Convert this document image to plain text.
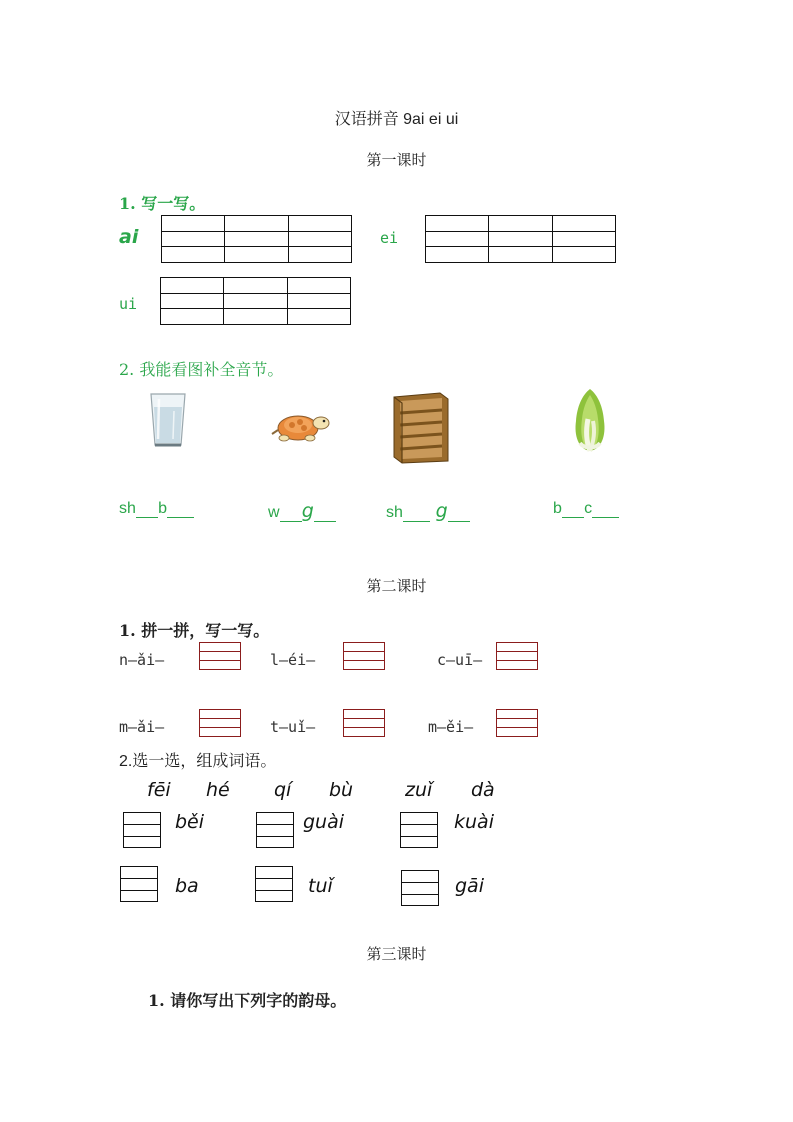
汉语拼音 9ai ei ui
第一课时
1. 写一写。
ai

			ei

ui

2. 我能看图补全音节。
sh b	w g	sh g	b c
第二课时
1. 拼一拼，写一写。
n—ǎi—	l—éi—	c—uī—
m—ǎi—	t—uǐ—	m—ěi—
2.选一选，组成词语。
fēi hé qí bù	zuǐ dà
běi	guài	kuài
ba	tuǐ	gāi
第三课时
1. 请你写出下列字的韵母。
